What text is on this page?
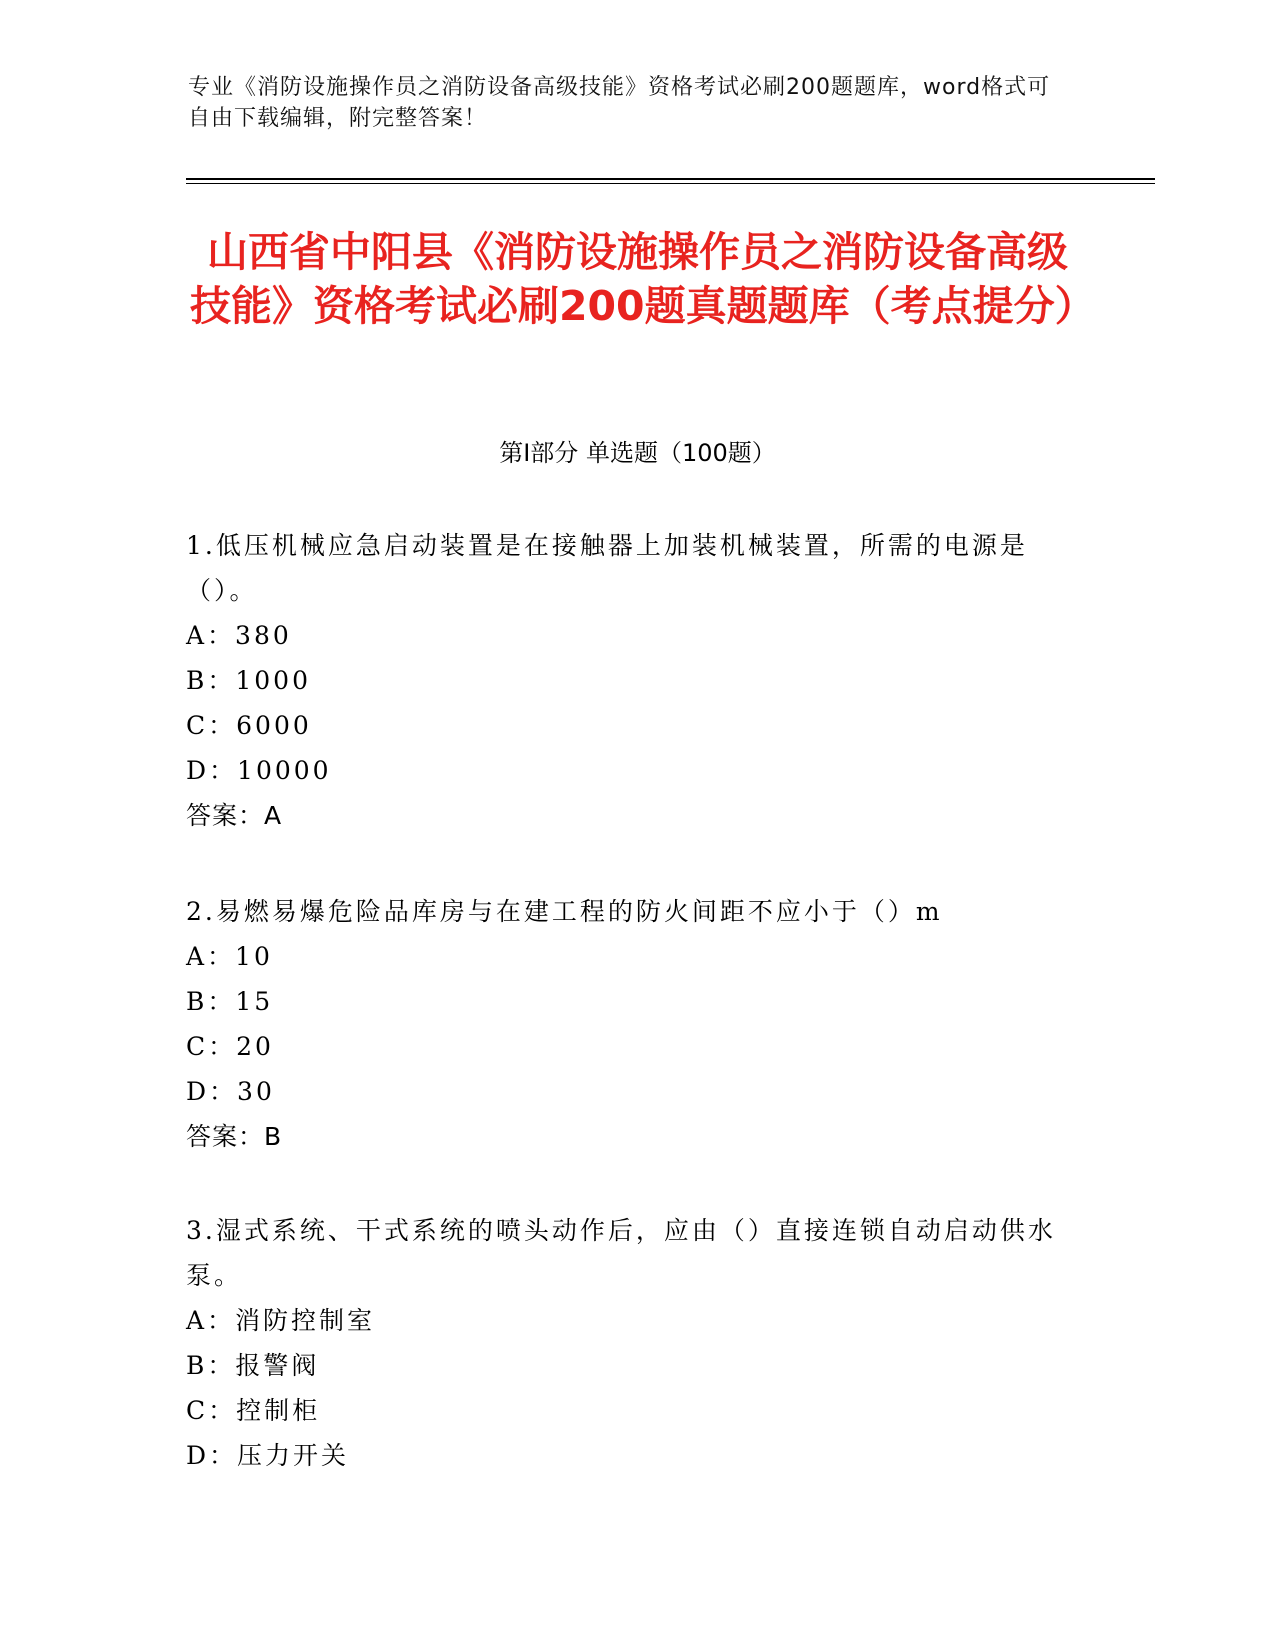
专业《消防设施操作员之消防设备高级技能》资格考试必刷200题题库，word格式可自由下载编辑，附完整答案！
山西省中阳县《消防设施操作员之消防设备高级技能》资格考试必刷200题真题题库（考点提分）
第I部分 单选题（100题）

1.低压机械应急启动装置是在接触器上加装机械装置，所需的电源是（）。

A：380

B：1000

C：6000

D：10000

答案：A

2.易燃易爆危险品库房与在建工程的防火间距不应小于（）m

A：10

B：15

C：20

D：30

答案：B

3.湿式系统、干式系统的喷头动作后，应由（）直接连锁自动启动供水泵。

A：消防控制室

B：报警阀

C：控制柜

D：压力开关
